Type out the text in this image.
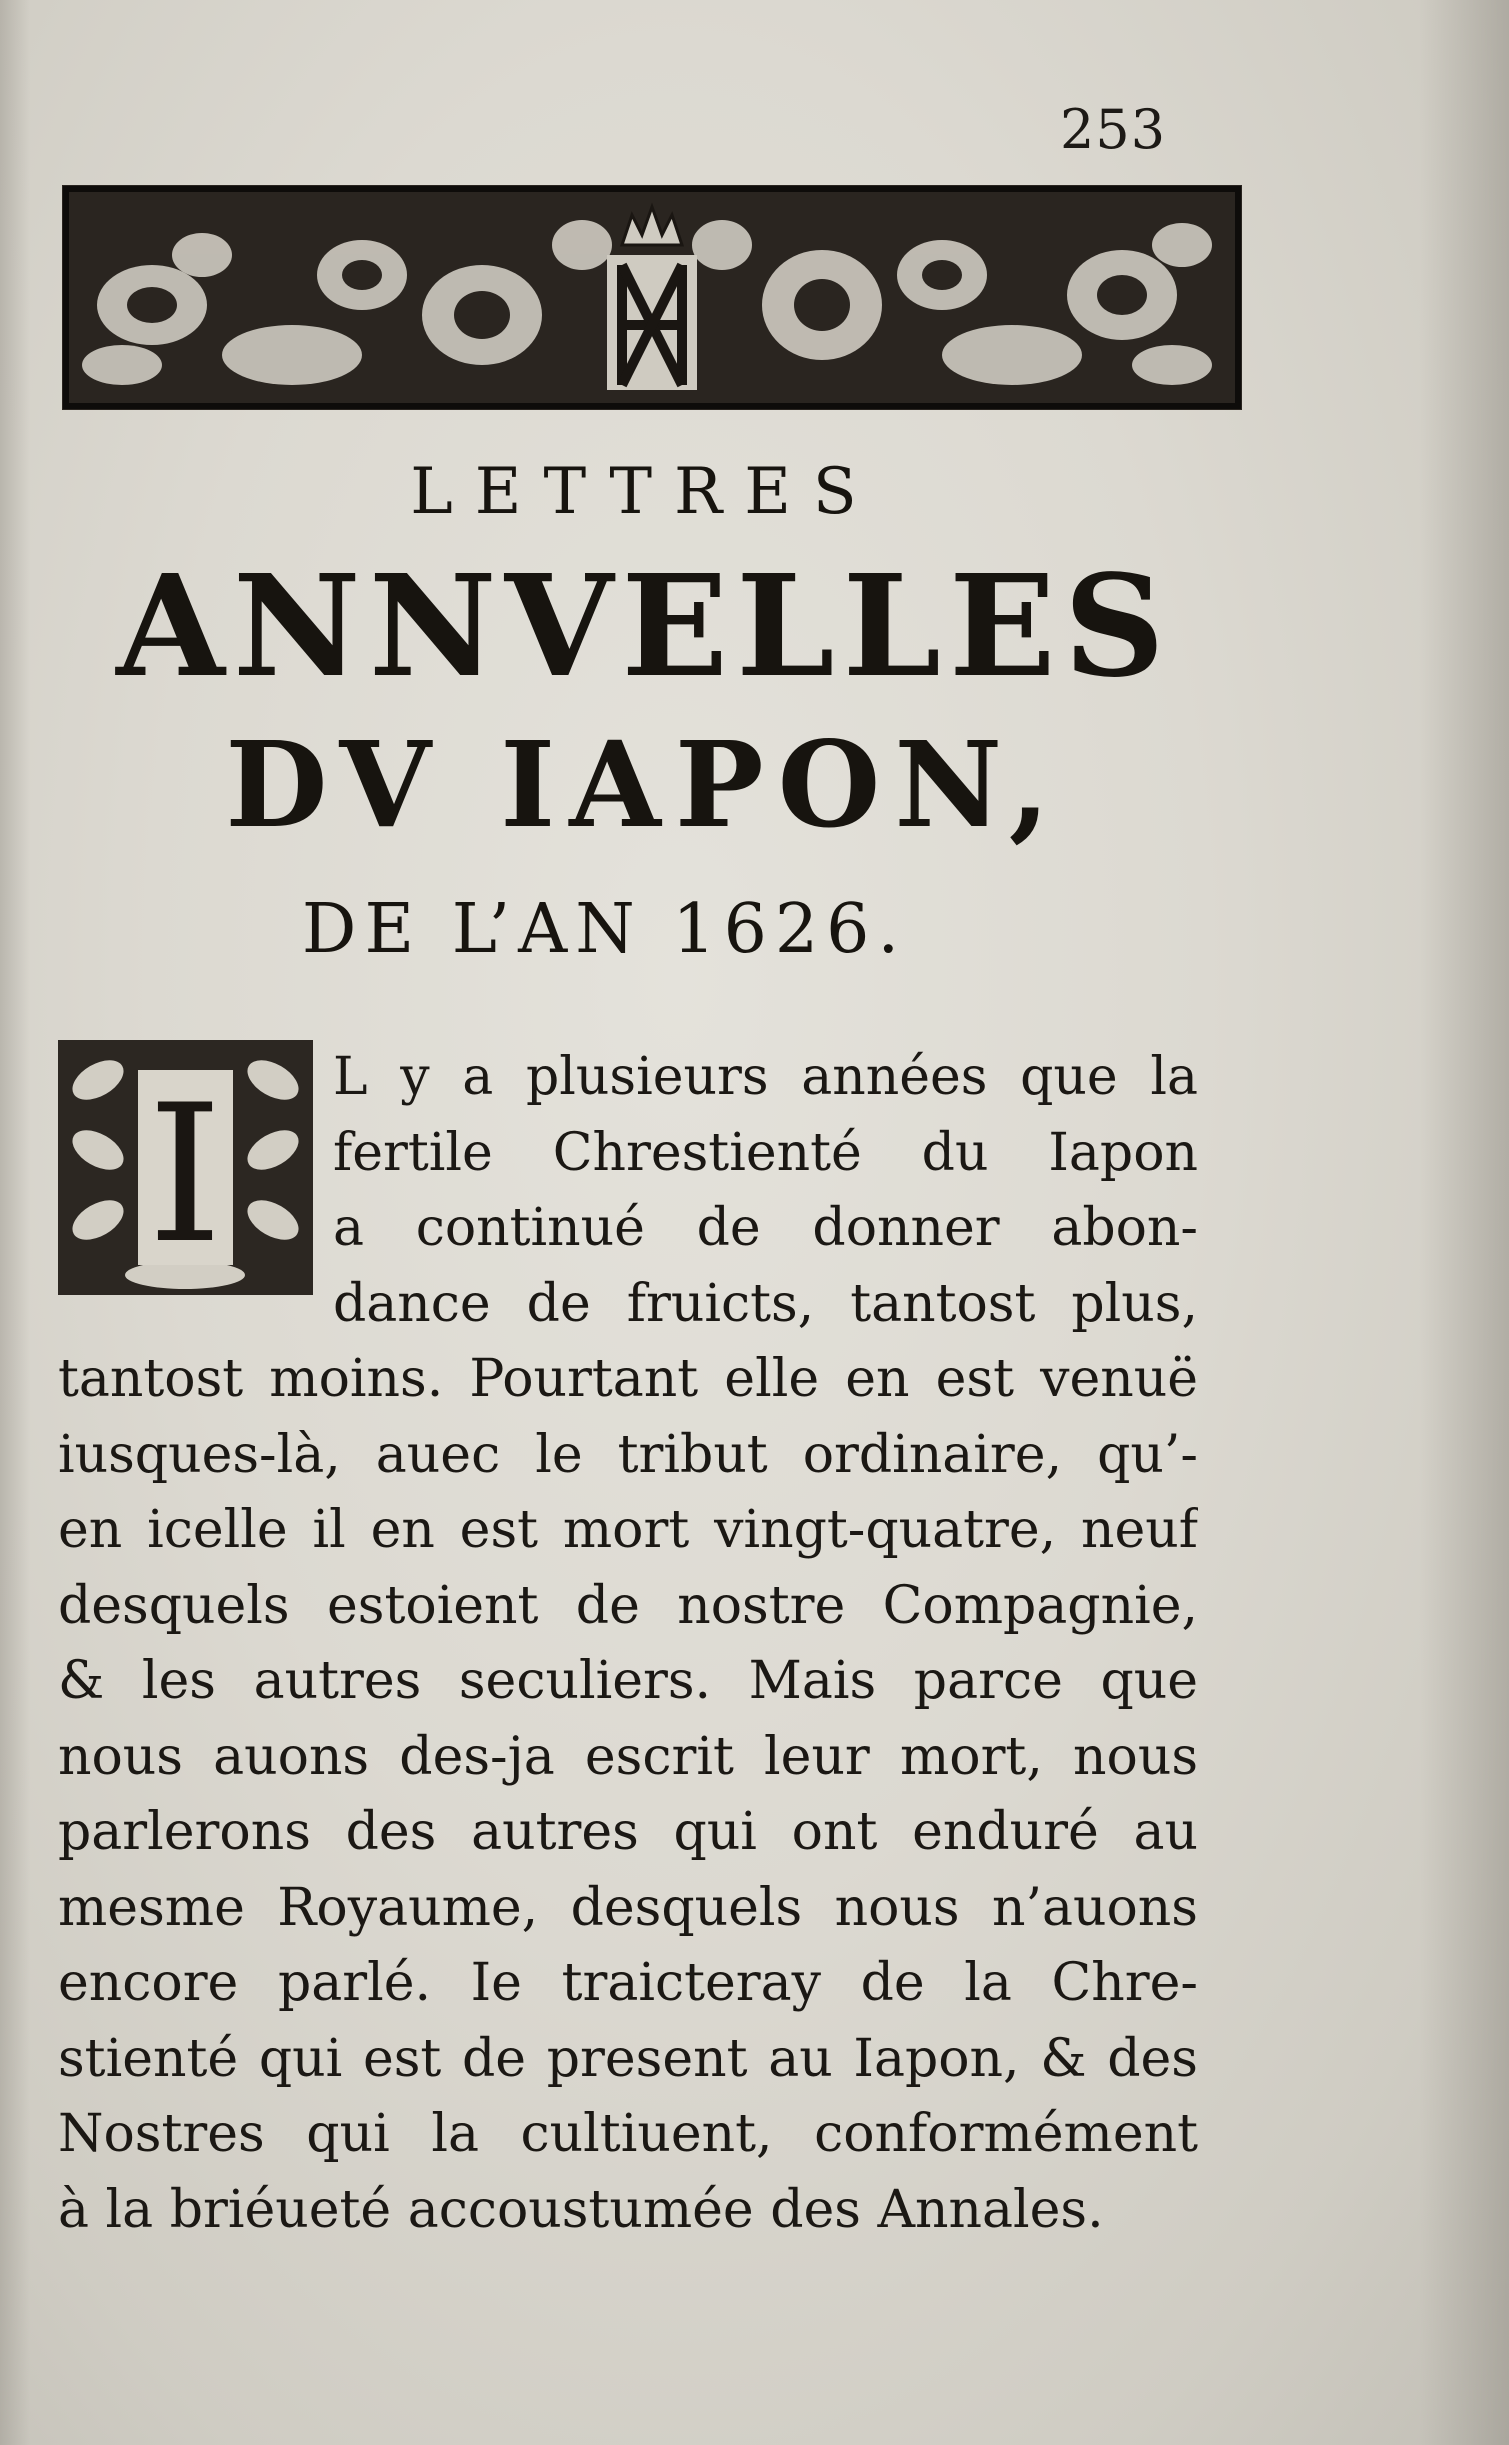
253
LETTRES
ANNVELLES
DV IAPON,
DE L’AN 1626.
I L y a plusieurs années que la
fertile Chrestienté du Iapon
a continué de donner abon-
dance de fruicts, tantost plus,
tantost moins. Pourtant elle en est venuë
iusques-là, auec le tribut ordinaire, qu’-
en icelle il en est mort vingt-quatre, neuf
desquels estoient de nostre Compagnie,
& les autres seculiers. Mais parce que
nous auons des-ja escrit leur mort, nous
parlerons des autres qui ont enduré au
mesme Royaume, desquels nous n’auons
encore parlé. Ie traicteray de la Chre-
stienté qui est de present au Iapon, & des
Nostres qui la cultiuent, conformément
à la briéueté accoustumée des Annales.
